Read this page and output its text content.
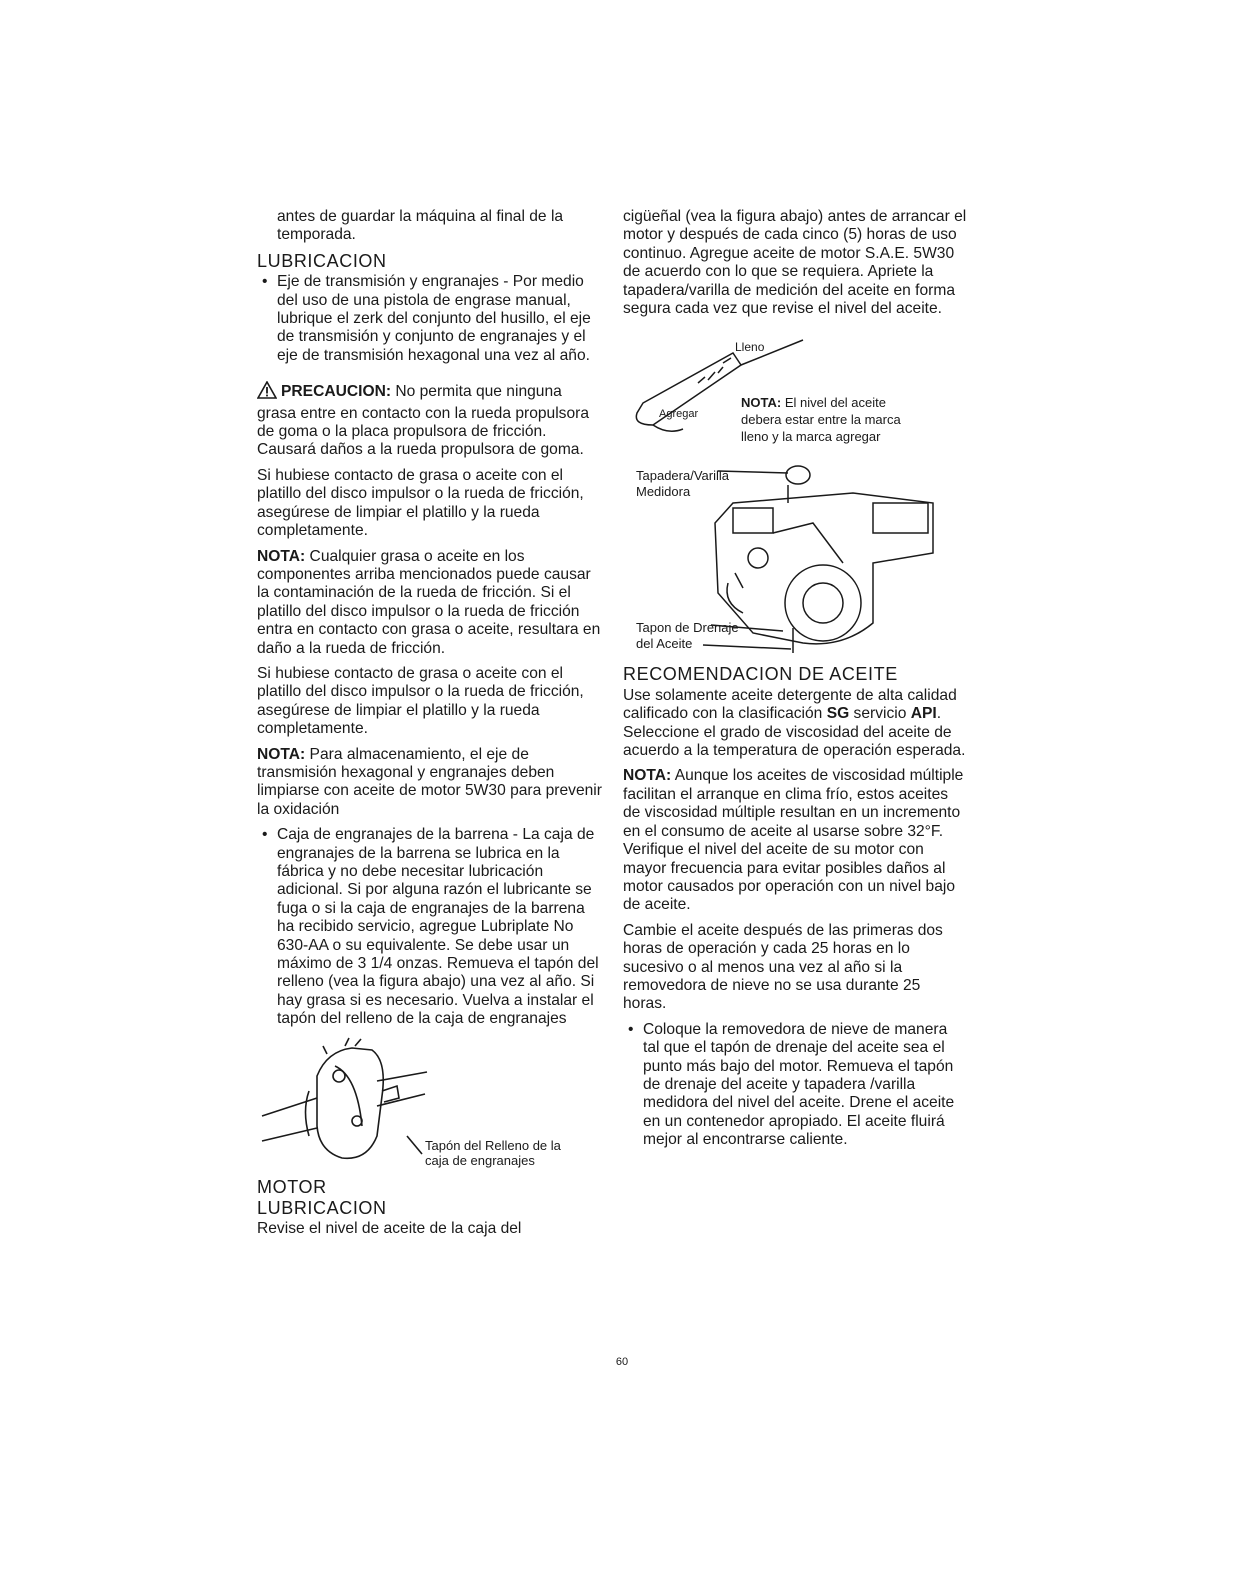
antes de guardar la máquina al final de la temporada.

LUBRICACION
• Eje de transmisión y engranajes - Por medio del uso de una pistola de engrase manual, lubrique el zerk del conjunto del husillo, el eje de transmisión y conjunto de engranajes y el eje de transmisión hexagonal una vez al año.

PRECAUCION: No permita que ninguna grasa entre en contacto con la rueda propulsora de goma o la placa propulsora de fricción. Causará daños a la rueda propulsora de goma.

Si hubiese contacto de grasa o aceite con el platillo del disco impulsor o la rueda de fricción, asegúrese de limpiar el platillo y la rueda completamente.

NOTA: Cualquier grasa o aceite en los componentes arriba mencionados puede causar la contaminación de la rueda de fricción. Si el platillo del disco impulsor o la rueda de fricción entra en contacto con grasa o aceite, resultara en daño a la rueda de fricción.

Si hubiese contacto de grasa o aceite con el platillo del disco impulsor o la rueda de fricción, asegúrese de limpiar el platillo y la rueda completamente.

NOTA: Para almacenamiento, el eje de transmisión hexagonal y engranajes deben limpiarse con aceite de motor 5W30 para prevenir la oxidación

• Caja de engranajes de la barrena - La caja de engranajes de la barrena se lubrica en la fábrica y no debe necesitar lubricación adicional. Si por alguna razón el lubricante se fuga o si la caja de engranajes de la barrena ha recibido servicio, agregue Lubriplate No 630-AA o su equivalente. Se debe usar un máximo de 3 1/4 onzas. Remueva el tapón del relleno (vea la figura abajo) una vez al año. Si hay grasa si es necesario. Vuelva a instalar el tapón del relleno de la caja de engranajes
Tapón del Relleno de la
caja de engranajes
MOTOR
LUBRICACION

Revise el nivel de aceite de la caja del

cigüeñal (vea la figura abajo) antes de arrancar el motor y después de cada cinco (5) horas de uso continuo. Agregue aceite de motor S.A.E. 5W30 de acuerdo con lo que se requiera. Apriete la tapadera/varilla de medición del aceite en forma segura cada vez que revise el nivel del aceite.

Agregar
Lleno
NOTA: El nivel del aceite
debera estar entre la marca
lleno y la marca agregar
Tapadera/Varilla
Medidora
Tapon de Drenaje
del Aceite
RECOMENDACION DE ACEITE

Use solamente aceite detergente de alta calidad calificado con la clasificación SG servicio API. Seleccione el grado de viscosidad del aceite de acuerdo a la temperatura de operación esperada.

NOTA: Aunque los aceites de viscosidad múltiple facilitan el arranque en clima frío, estos aceites de viscosidad múltiple resultan en un incremento en el consumo de aceite al usarse sobre 32°F. Verifique el nivel del aceite de su motor con mayor frecuencia para evitar posibles daños al motor causados por operación con un nivel bajo de aceite.

Cambie el aceite después de las primeras dos horas de operación y cada 25 horas en lo sucesivo o al menos una vez al año si la removedora de nieve no se usa durante 25 horas.

• Coloque la removedora de nieve de manera tal que el tapón de drenaje del aceite sea el punto más bajo del motor. Remueva el tapón de drenaje del aceite y tapadera /varilla medidora del nivel del aceite. Drene el aceite en un contenedor apropiado. El aceite fluirá mejor al encontrarse caliente.
60
